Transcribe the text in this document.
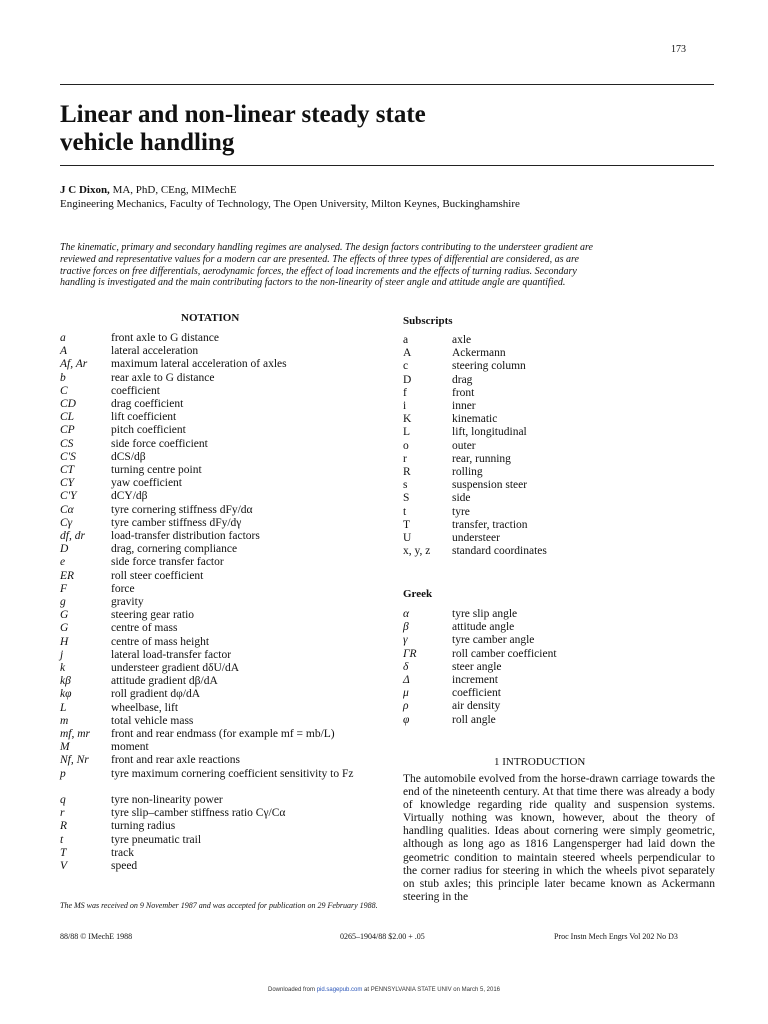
173
Linear and non-linear steady state
vehicle handling
J C Dixon, MA, PhD, CEng, MIMechE
Engineering Mechanics, Faculty of Technology, The Open University, Milton Keynes, Buckinghamshire
The kinematic, primary and secondary handling regimes are analysed. The design factors contributing to the understeer gradient are
reviewed and representative values for a modern car are presented. The effects of three types of differential are considered, as are
tractive forces on free differentials, aerodynamic forces, the effect of load increments and the effects of turning radius. Secondary
handling is investigated and the main contributing factors to the non-linearity of steer angle and attitude angle are quantified.
NOTATION
a	front axle to G distance
A	lateral acceleration
Af, Ar maximum lateral acceleration of axles
b	rear axle to G distance
C	coefficient
CD	drag coefficient
CL	lift coefficient
CP	pitch coefficient
CS	side force coefficient
C'S	dCS/dβ
CT	turning centre point
CY	yaw coefficient
C'Y	dCY/dβ
Cα	tyre cornering stiffness dFy/dα
Cγ	tyre camber stiffness dFy/dγ
df, dr load-transfer distribution factors
D	drag, cornering compliance
e	side force transfer factor
ER	roll steer coefficient
F	force
g	gravity
G	steering gear ratio
G	centre of mass
H	centre of mass height
j	lateral load-transfer factor
k	understeer gradient dδU/dA
kβ	attitude gradient dβ/dA
kφ	roll gradient dφ/dA
L	wheelbase, lift
m	total vehicle mass
mf, mr front and rear endmass (for example mf = mb/L)
M	moment
Nf, Nr front and rear axle reactions
p	tyre maximum cornering coefficient sensitivity to Fz
q	tyre non-linearity power
r	tyre slip–camber stiffness ratio Cγ/Cα
R	turning radius
t	tyre pneumatic trail
T	track
V	speed
Subscripts
a	axle
A	Ackermann
c	steering column
D	drag
f	front
i	inner
K	kinematic
L	lift, longitudinal
o	outer
r	rear, running
R	rolling
s	suspension steer
S	side
t	tyre
T	transfer, traction
U	understeer
x, y, z standard coordinates
Greek
α	tyre slip angle
β	attitude angle
γ	tyre camber angle
ΓR	roll camber coefficient
δ	steer angle
Δ	increment
μ	coefficient
ρ	air density
φ	roll angle
1 INTRODUCTION
The automobile evolved from the horse-drawn carriage towards the end of the nineteenth century. At that time there was already a body of knowledge regarding ride quality and suspension systems. Virtually nothing was known, however, about the theory of handling qualities. Ideas about cornering were simply geometric, although as long ago as 1816 Langensperger had laid down the geometric condition to maintain steered wheels perpendicular to the corner radius for steering in which the wheels pivot separately on stub axles; this principle later became known as Ackermann steering in the
The MS was received on 9 November 1987 and was accepted for publication on 29 February 1988.
88/88 © IMechE 1988	0265–1904/88 $2.00 + .05	Proc Instn Mech Engrs Vol 202 No D3
Downloaded from pid.sagepub.com at PENNSYLVANIA STATE UNIV on March 5, 2016
